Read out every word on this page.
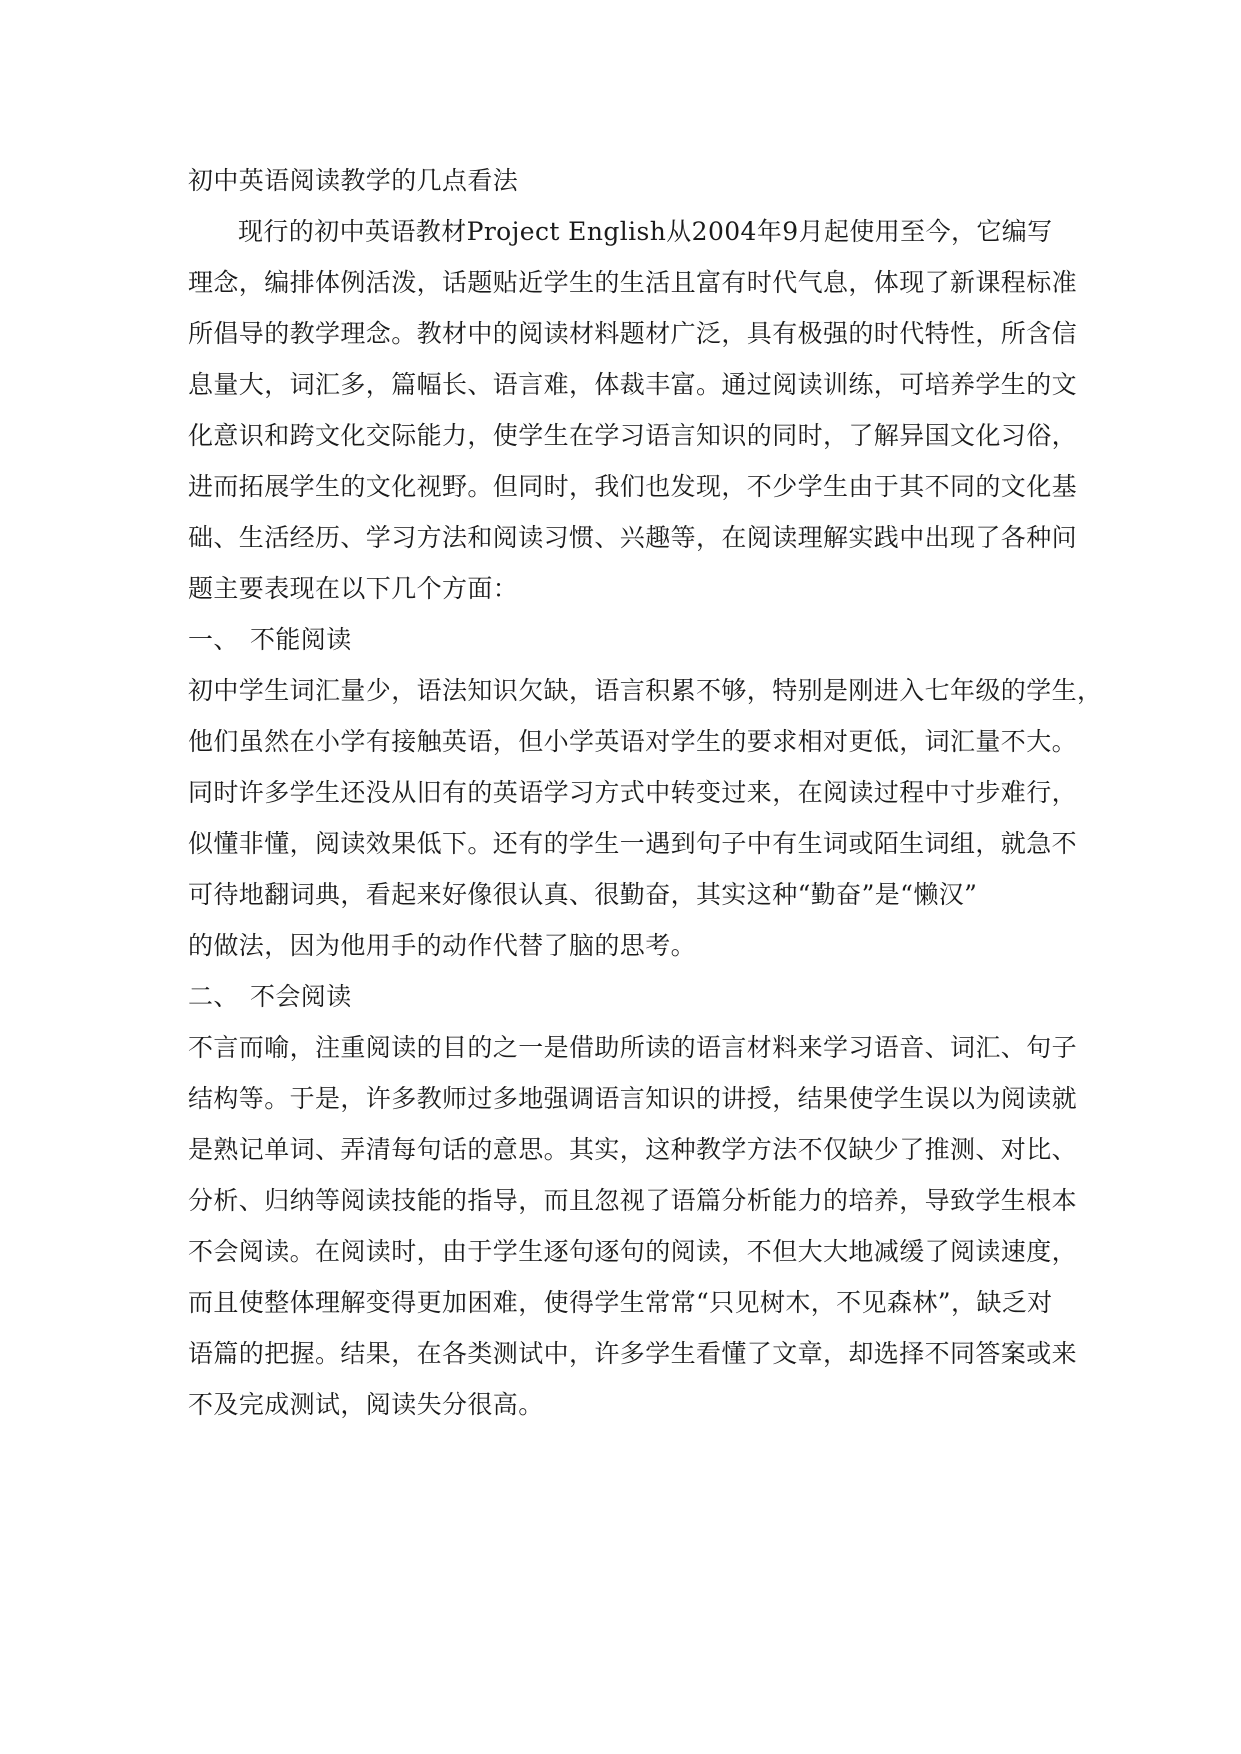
初中英语阅读教学的几点看法
现行的初中英语教材Project English从2004年9月起使用至今，它编写
理念，编排体例活泼，话题贴近学生的生活且富有时代气息，体现了新课程标准
所倡导的教学理念。教材中的阅读材料题材广泛，具有极强的时代特性，所含信
息量大，词汇多，篇幅长、语言难，体裁丰富。通过阅读训练，可培养学生的文
化意识和跨文化交际能力，使学生在学习语言知识的同时，了解异国文化习俗，
进而拓展学生的文化视野。但同时，我们也发现，不少学生由于其不同的文化基
础、生活经历、学习方法和阅读习惯、兴趣等，在阅读理解实践中出现了各种问
题主要表现在以下几个方面：
一、 不能阅读
初中学生词汇量少，语法知识欠缺，语言积累不够，特别是刚进入七年级的学生，
他们虽然在小学有接触英语，但小学英语对学生的要求相对更低，词汇量不大。
同时许多学生还没从旧有的英语学习方式中转变过来，在阅读过程中寸步难行，
似懂非懂，阅读效果低下。还有的学生一遇到句子中有生词或陌生词组，就急不
可待地翻词典，看起来好像很认真、很勤奋，其实这种“勤奋”是“懒汉”
的做法，因为他用手的动作代替了脑的思考。
二、 不会阅读
不言而喻，注重阅读的目的之一是借助所读的语言材料来学习语音、词汇、句子
结构等。于是，许多教师过多地强调语言知识的讲授，结果使学生误以为阅读就
是熟记单词、弄清每句话的意思。其实，这种教学方法不仅缺少了推测、对比、
分析、归纳等阅读技能的指导，而且忽视了语篇分析能力的培养，导致学生根本
不会阅读。在阅读时，由于学生逐句逐句的阅读，不但大大地减缓了阅读速度，
而且使整体理解变得更加困难，使得学生常常“只见树木，不见森林”，缺乏对
语篇的把握。结果，在各类测试中，许多学生看懂了文章，却选择不同答案或来
不及完成测试，阅读失分很高。
